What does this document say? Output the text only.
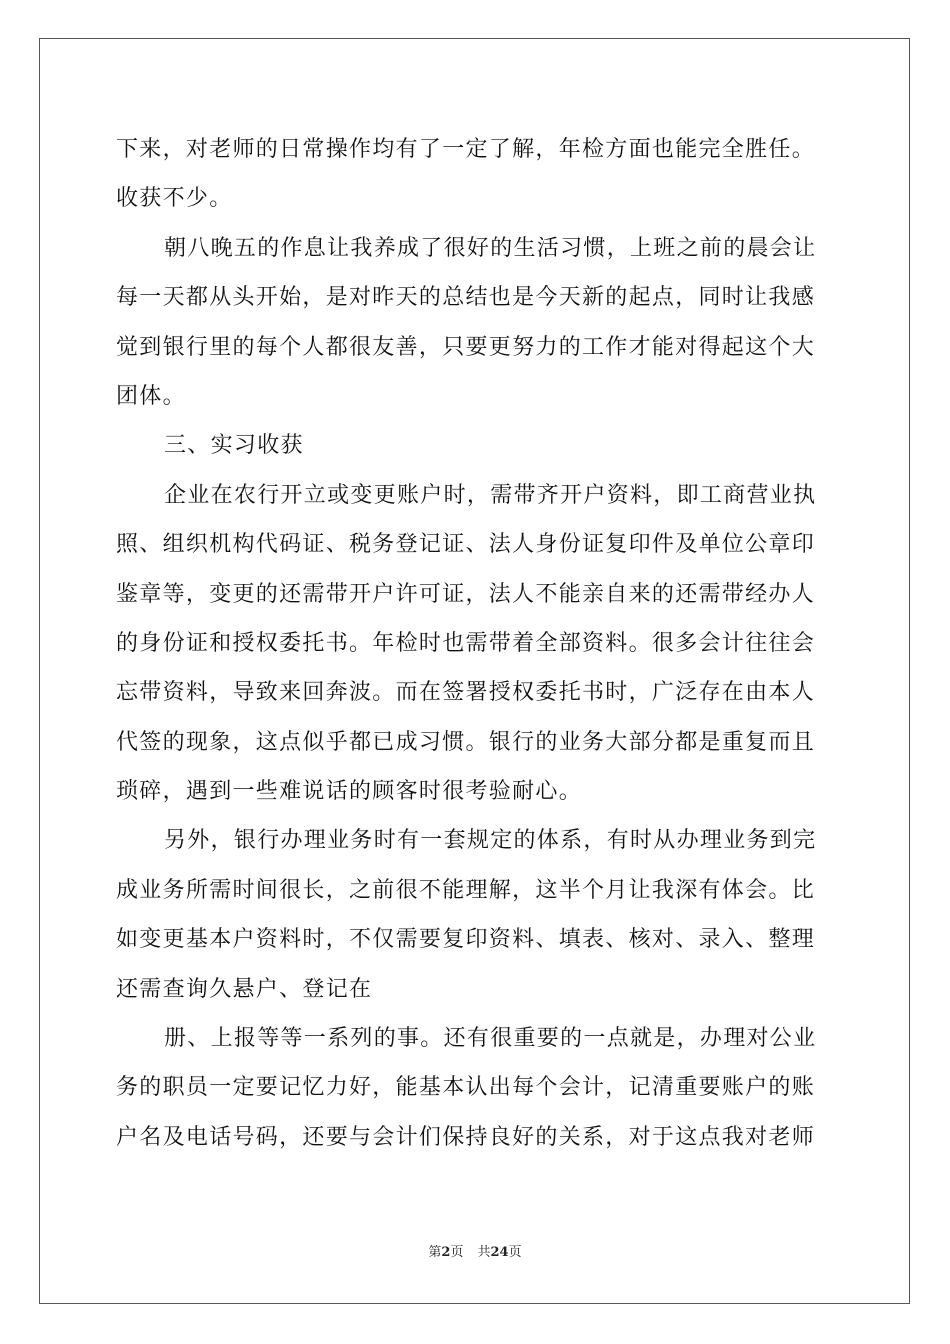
下来，对老师的日常操作均有了一定了解，年检方面也能完全胜任。
收获不少。
朝八晚五的作息让我养成了很好的生活习惯，上班之前的晨会让
每一天都从头开始，是对昨天的总结也是今天新的起点，同时让我感
觉到银行里的每个人都很友善，只要更努力的工作才能对得起这个大
团体。
三、实习收获
企业在农行开立或变更账户时，需带齐开户资料，即工商营业执
照、组织机构代码证、税务登记证、法人身份证复印件及单位公章印
鉴章等，变更的还需带开户许可证，法人不能亲自来的还需带经办人
的身份证和授权委托书。年检时也需带着全部资料。很多会计往往会
忘带资料，导致来回奔波。而在签署授权委托书时，广泛存在由本人
代签的现象，这点似乎都已成习惯。银行的业务大部分都是重复而且
琐碎，遇到一些难说话的顾客时很考验耐心。
另外，银行办理业务时有一套规定的体系，有时从办理业务到完
成业务所需时间很长，之前很不能理解，这半个月让我深有体会。比
如变更基本户资料时，不仅需要复印资料、填表、核对、录入、整理
还需查询久悬户、登记在
册、上报等等一系列的事。还有很重要的一点就是，办理对公业
务的职员一定要记忆力好，能基本认出每个会计，记清重要账户的账
户名及电话号码，还要与会计们保持良好的关系，对于这点我对老师
第2页 共24页
